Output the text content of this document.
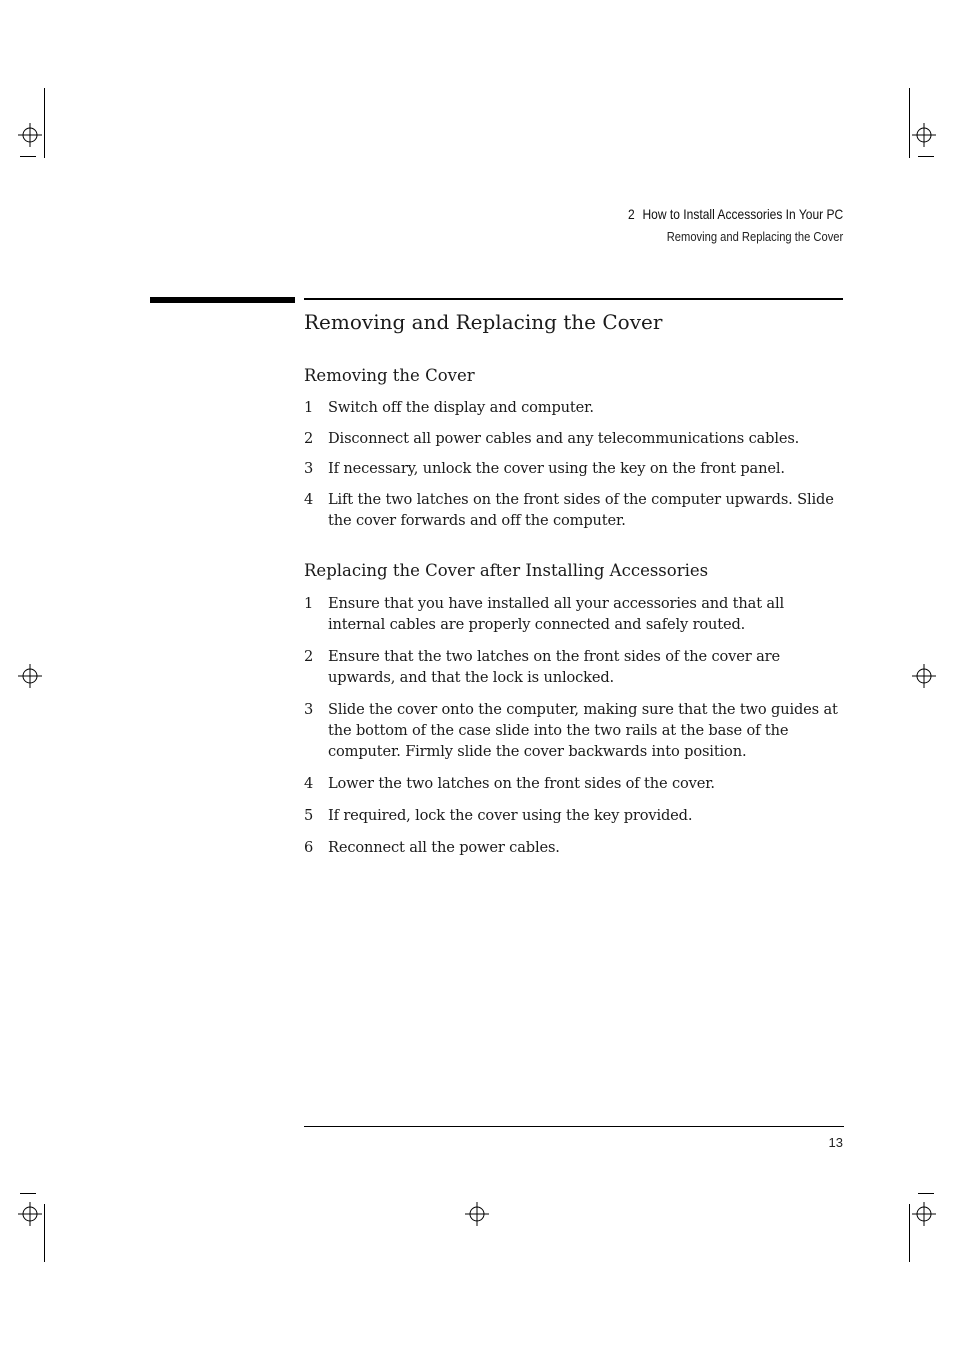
2 How to Install Accessories In Your PC
Removing and Replacing the Cover
Removing and Replacing the Cover
Removing the Cover
1 Switch off the display and computer.
2 Disconnect all power cables and any telecommunications cables.
3 If necessary, unlock the cover using the key on the front panel.
4 Lift the two latches on the front sides of the computer upwards. Slide the cover forwards and off the computer.
Replacing the Cover after Installing Accessories
1 Ensure that you have installed all your accessories and that all internal cables are properly connected and safely routed.
2 Ensure that the two latches on the front sides of the cover are upwards, and that the lock is unlocked.
3 Slide the cover onto the computer, making sure that the two guides at the bottom of the case slide into the two rails at the base of the computer. Firmly slide the cover backwards into position.
4 Lower the two latches on the front sides of the cover.
5 If required, lock the cover using the key provided.
6 Reconnect all the power cables.
13
